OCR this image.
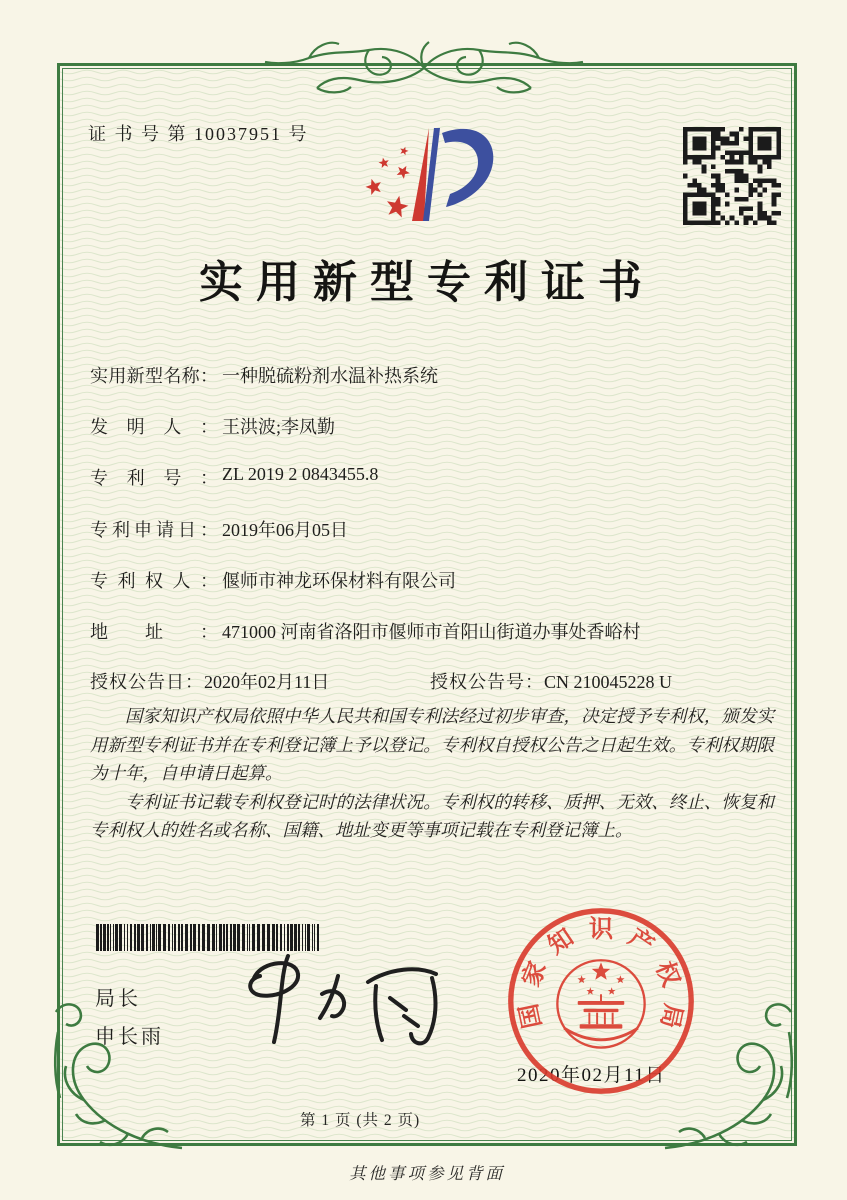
证 书 号 第 10037951 号
实用新型专利证书
实用新型名称： 一种脱硫粉剂水温补热系统
发明人： 王洪波;李凤勤
专利号： ZL 2019 2 0843455.8
专利申请日： 2019年06月05日
专利权人： 偃师市神龙环保材料有限公司
地址： 471000 河南省洛阳市偃师市首阳山街道办事处香峪村
授权公告日：2020年02月11日	授权公告号：CN 210045228 U

国家知识产权局依照中华人民共和国专利法经过初步审查，决定授予专利权，颁发实用新型专利证书并在专利登记簿上予以登记。专利权自授权公告之日起生效。专利权期限为十年，自申请日起算。

专利证书记载专利权登记时的法律状况。专利权的转移、质押、无效、终止、恢复和专利权人的姓名或名称、国籍、地址变更等事项记载在专利登记簿上。

局长
申长雨
2020年02月11日
国
家
知 识 产
权
局
第 1 页 (共 2 页)
其他事项参见背面
